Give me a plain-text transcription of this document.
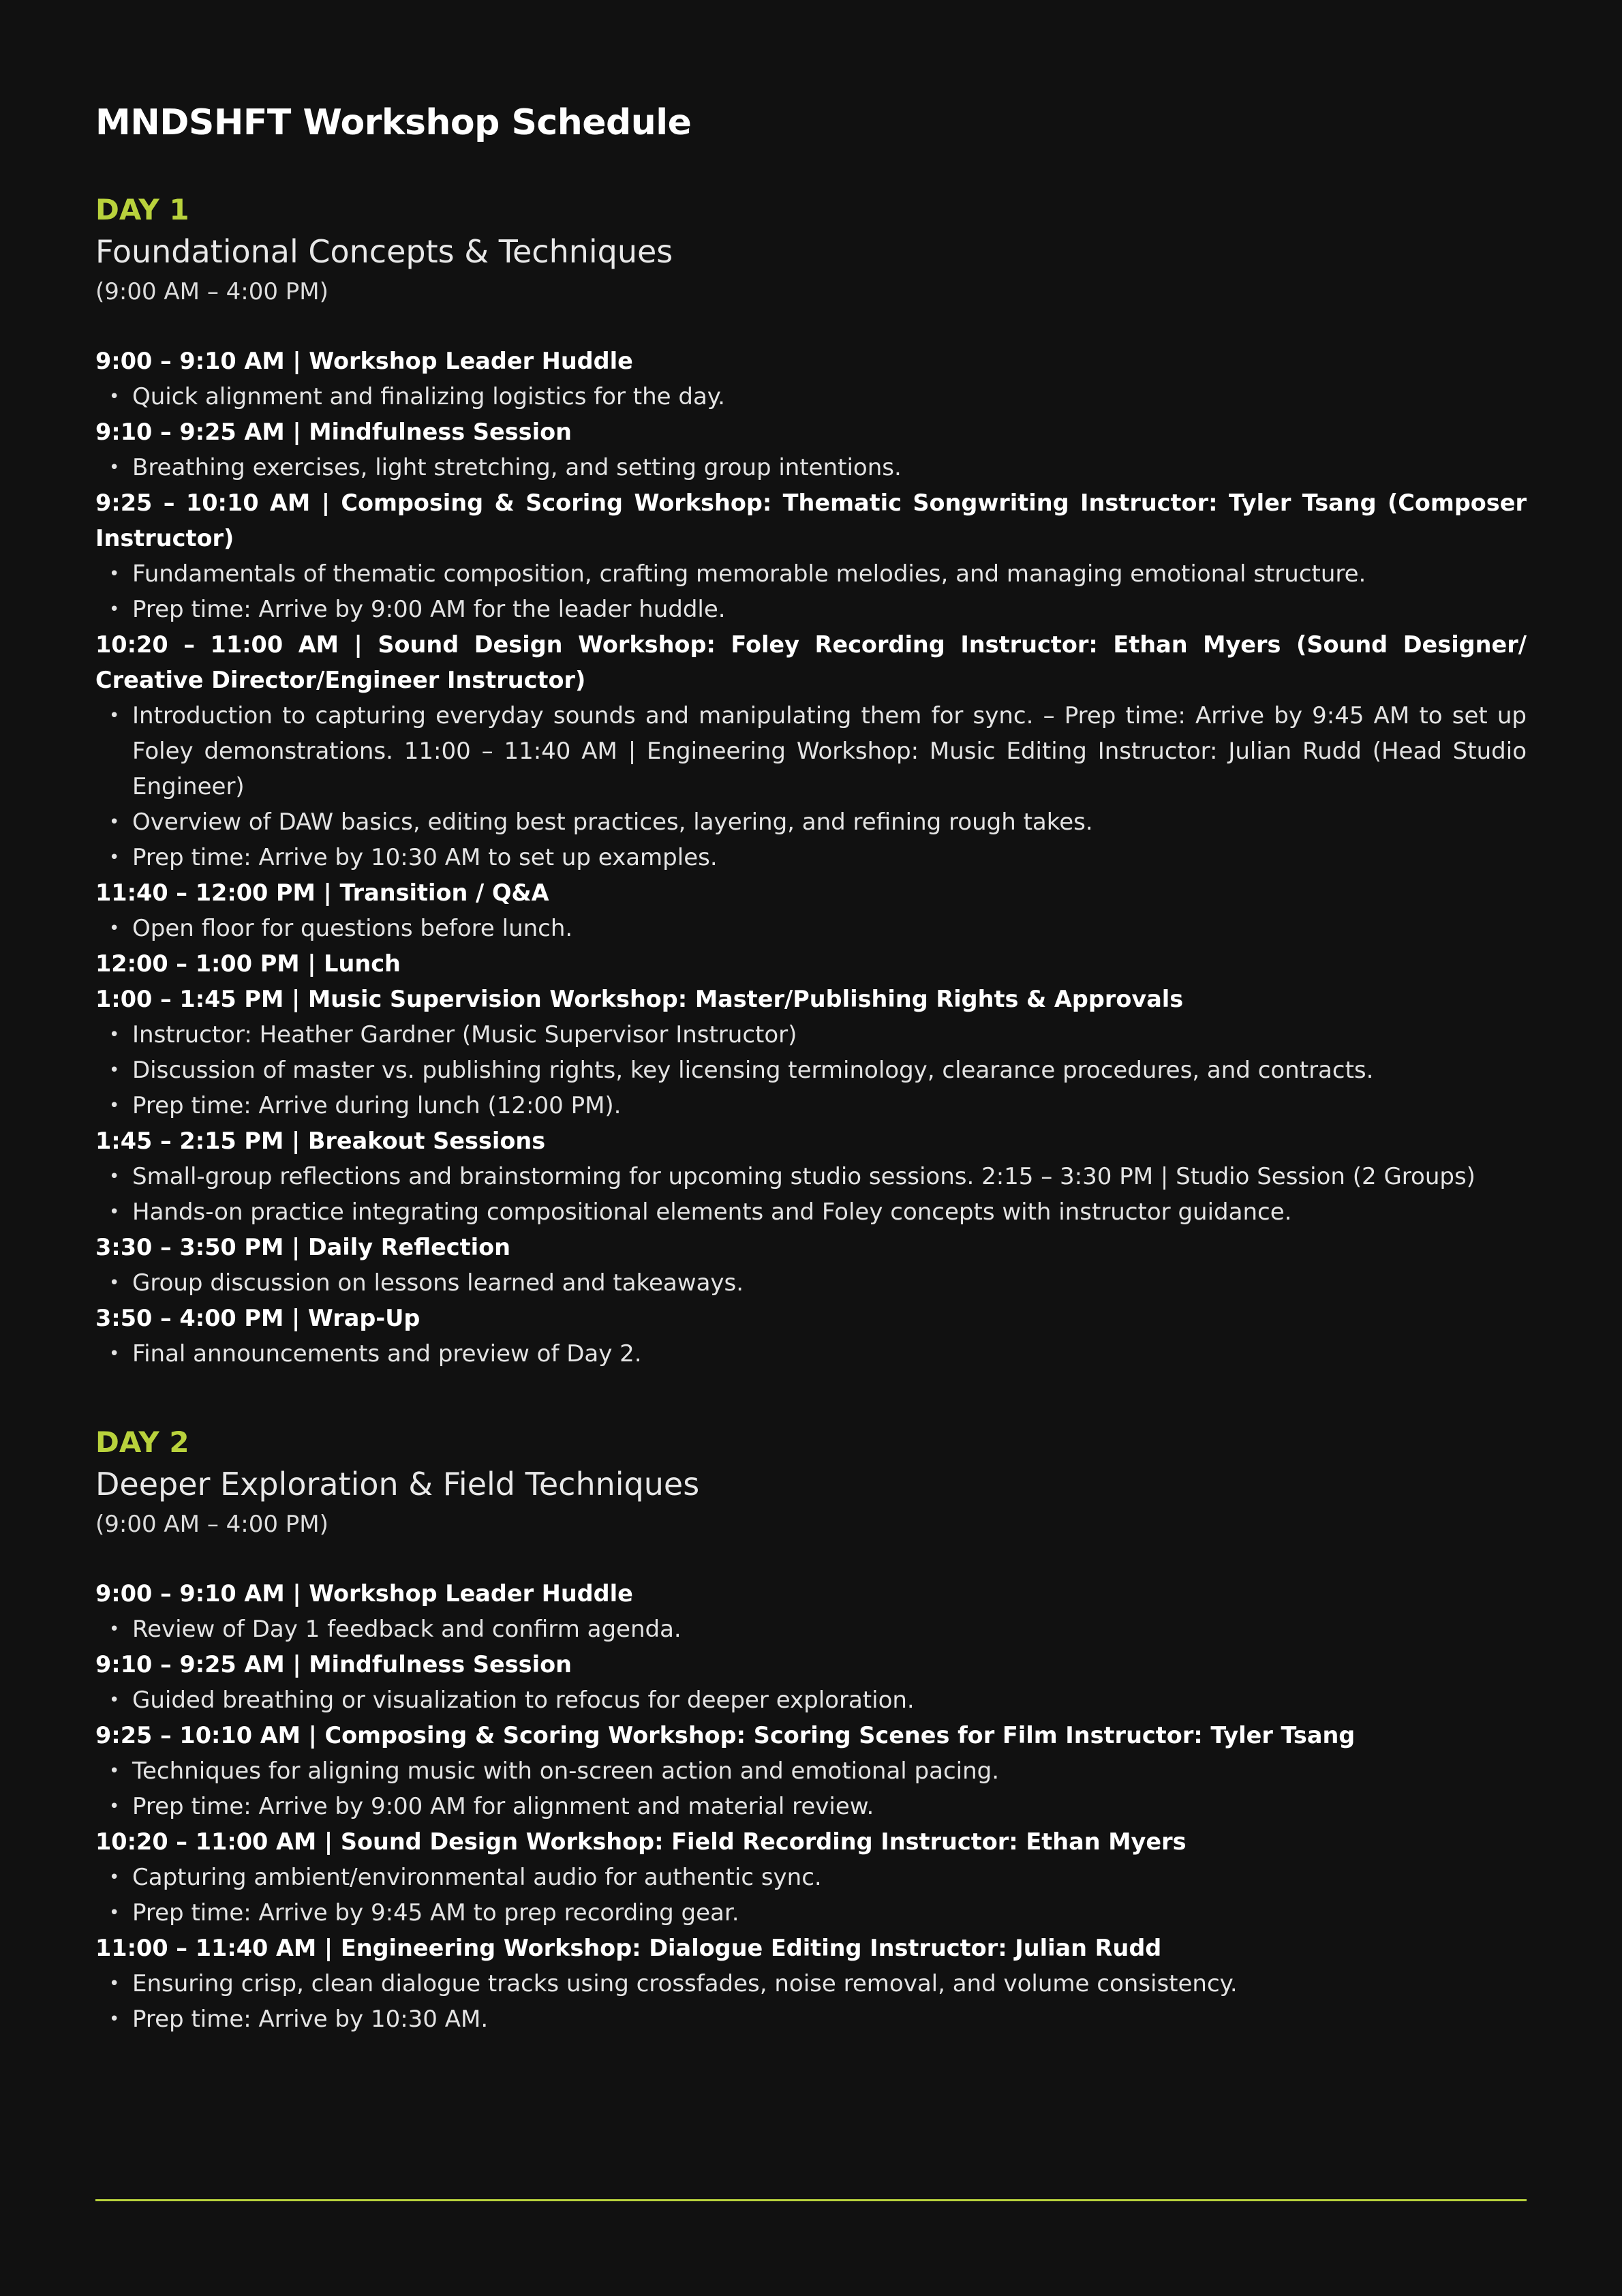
MNDSHFT Workshop Schedule
DAY 1
Foundational Concepts & Techniques
(9:00 AM – 4:00 PM)
9:00 – 9:10 AM | Workshop Leader Huddle
• Quick alignment and finalizing logistics for the day.
9:10 – 9:25 AM | Mindfulness Session
• Breathing exercises, light stretching, and setting group intentions.
9:25 – 10:10 AM | Composing & Scoring Workshop: Thematic Songwriting Instructor: Tyler Tsang (Composer Instructor)
• Fundamentals of thematic composition, crafting memorable melodies, and managing emotional structure.
• Prep time: Arrive by 9:00 AM for the leader huddle.
10:20 – 11:00 AM | Sound Design Workshop: Foley Recording Instructor: Ethan Myers (Sound Designer/ Creative Director/Engineer Instructor)
• Introduction to capturing everyday sounds and manipulating them for sync. – Prep time: Arrive by 9:45 AM to set up Foley demonstrations. 11:00 – 11:40 AM | Engineering Workshop: Music Editing Instructor: Julian Rudd (Head Studio Engineer)
• Overview of DAW basics, editing best practices, layering, and refining rough takes.
• Prep time: Arrive by 10:30 AM to set up examples.
11:40 – 12:00 PM | Transition / Q&A
• Open floor for questions before lunch.
12:00 – 1:00 PM | Lunch
1:00 – 1:45 PM | Music Supervision Workshop: Master/Publishing Rights & Approvals
• Instructor: Heather Gardner (Music Supervisor Instructor)
• Discussion of master vs. publishing rights, key licensing terminology, clearance procedures, and contracts.
• Prep time: Arrive during lunch (12:00 PM).
1:45 – 2:15 PM | Breakout Sessions
• Small-group reflections and brainstorming for upcoming studio sessions. 2:15 – 3:30 PM | Studio Session (2 Groups)
• Hands-on practice integrating compositional elements and Foley concepts with instructor guidance.
3:30 – 3:50 PM | Daily Reflection
• Group discussion on lessons learned and takeaways.
3:50 – 4:00 PM | Wrap-Up
• Final announcements and preview of Day 2.
DAY 2
Deeper Exploration & Field Techniques
(9:00 AM – 4:00 PM)
9:00 – 9:10 AM | Workshop Leader Huddle
• Review of Day 1 feedback and confirm agenda.
9:10 – 9:25 AM | Mindfulness Session
• Guided breathing or visualization to refocus for deeper exploration.
9:25 – 10:10 AM | Composing & Scoring Workshop: Scoring Scenes for Film Instructor: Tyler Tsang
• Techniques for aligning music with on-screen action and emotional pacing.
• Prep time: Arrive by 9:00 AM for alignment and material review.
10:20 – 11:00 AM | Sound Design Workshop: Field Recording Instructor: Ethan Myers
• Capturing ambient/environmental audio for authentic sync.
• Prep time: Arrive by 9:45 AM to prep recording gear.
11:00 – 11:40 AM | Engineering Workshop: Dialogue Editing Instructor: Julian Rudd
• Ensuring crisp, clean dialogue tracks using crossfades, noise removal, and volume consistency.
• Prep time: Arrive by 10:30 AM.
